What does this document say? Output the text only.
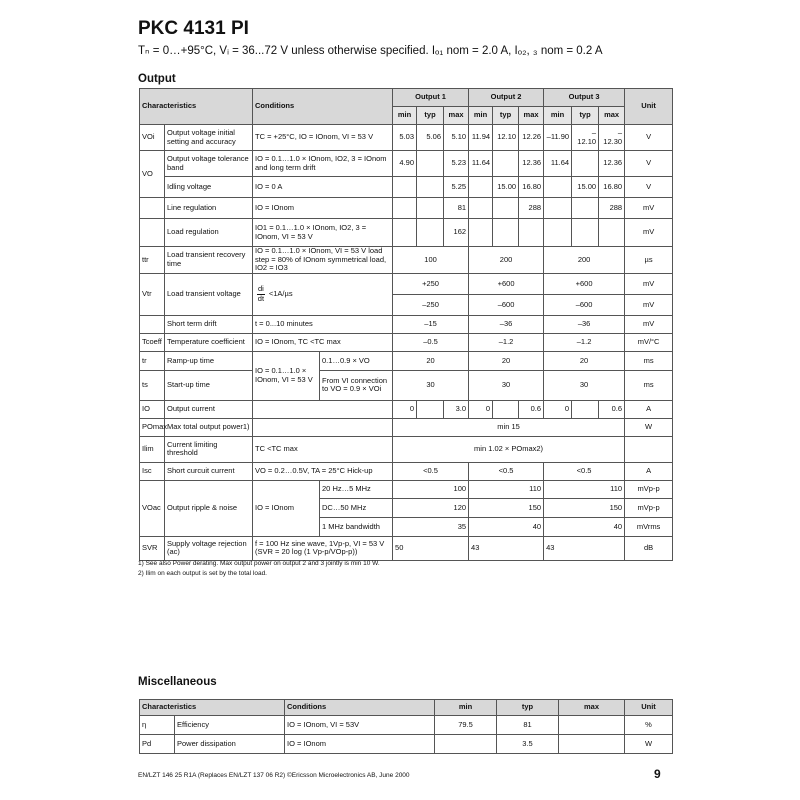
PKC 4131 PI
Tₙ = 0…+95°C, Vᵢ = 36...72 V unless otherwise specified. Iₒ₁ nom = 2.0 A, Iₒ₂, ₃ nom = 0.2 A
Output
Characteristics		Conditions		Output 1			Output 2			Output 3			Unit
				min	typ	max	min	typ	max	min	typ	max	
VOi	Output voltage initial setting and accuracy	TC = +25°C, IO = IOnom, VI = 53 V		5.03	5.06	5.10	11.94	12.10	12.26	–11.90	–12.10	–12.30	V
VO	Output voltage tolerance band	IO = 0.1…1.0 × IOnom, IO2, 3 = IOnom and long term drift		4.90		5.23	11.64		12.36	11.64		12.36	V
	Idling voltage	IO = 0 A				5.25		15.00	16.80		15.00	16.80	V
	Line regulation	IO = IOnom				81			288			288	mV
	Load regulation	IO1 = 0.1…1.0 × IOnom, IO2, 3 = IOnom, VI = 53 V				162							mV
ttr	Load transient recovery time	IO = 0.1…1.0 × IOnom, VI = 53 V load step = 80% of IOnom symmetrical load, IO2 = IO3		100			200			200			µs
Vtr	Load transient voltage	$\frac{di}{dt} <1A/\mu s$		+250			+600			+600			mV
				–250			–600			–600			mV
	Short term drift	t = 0...10 minutes		–15			–36			–36			mV
Tcoeff	Temperature coefficient	IO = IOnom, TC <TC max		–0.5			–1.2			–1.2			mV/°C
tr	Ramp-up time	IO = 0.1…1.0 × IOnom, VI = 53 V	0.1…0.9 × VO	20			20			20			ms
ts	Start-up time		From VI connection to VO = 0.9 × VOi	30			30			30			ms
IO	Output current			0		3.0	0		0.6	0		0.6	A
POmax	Max total output power1)			min 15									W
Ilim	Current limiting threshold	TC <TC max		min 1.02 × POmax2)									
Isc	Short curcuit current	VO = 0.2…0.5V, TA = 25°C Hick-up		<0.5			<0.5			<0.5			A
VOac	Output ripple & noise	IO = IOnom	20 Hz…5 MHz	100			110			110			mVp-p
			DC…50 MHz	120			150			150			mVp-p
			1 MHz bandwidth	35			40			40			mVrms
SVR	Supply voltage rejection (ac)	f = 100 Hz sine wave, 1Vp-p, VI = 53 V (SVR = 20 log (1 Vp-p/VOp-p))		50			43			43			dB
1) See also Power derating. Max output power on output 2 and 3 jointly is min 10 W.
2) Ilim on each output is set by the total load.
Miscellaneous
Characteristics		Conditions	min	typ	max	Unit
η	Efficiency	IO = IOnom, VI = 53V	79.5	81		%
Pd	Power dissipation	IO = IOnom		3.5		W
EN/LZT 146 25 R1A (Replaces EN/LZT 137 06 R2) ©Ericsson Microelectronics AB, June 2000	9
